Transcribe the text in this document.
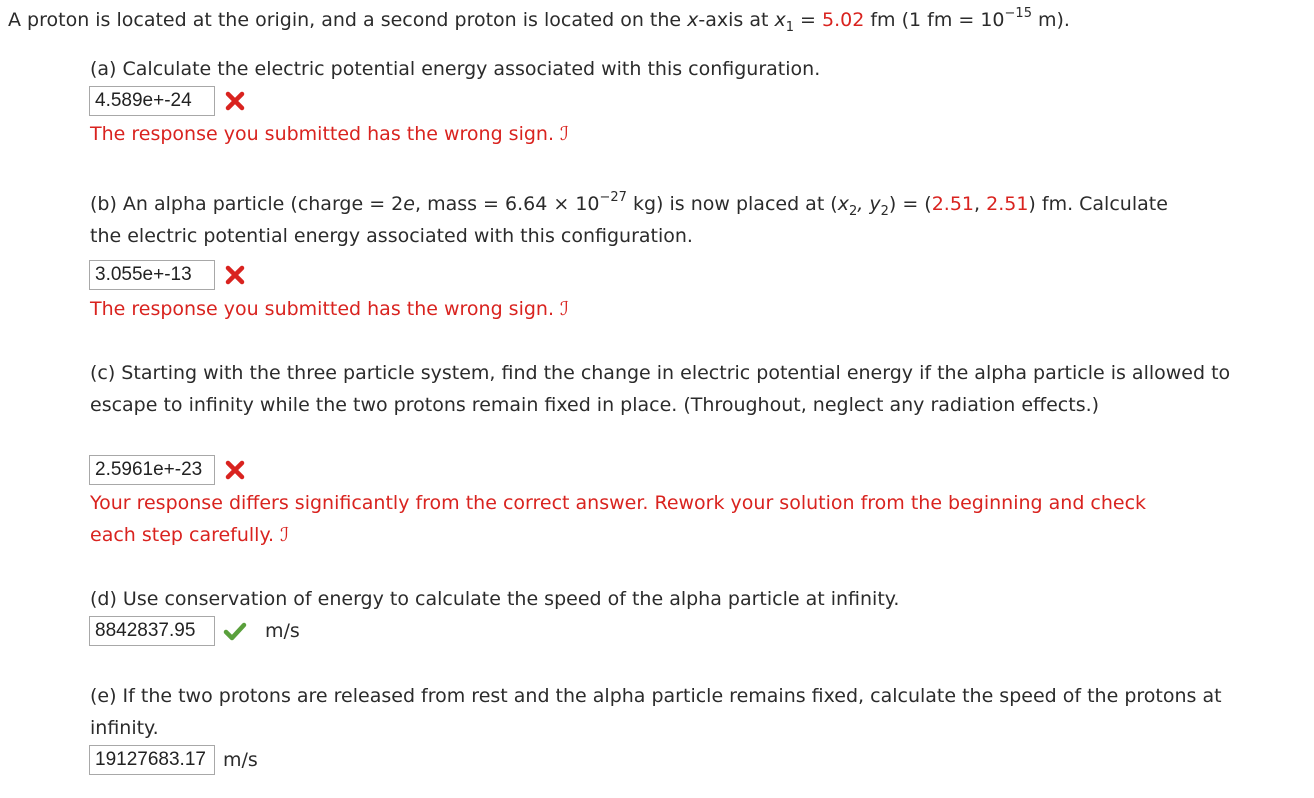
A proton is located at the origin, and a second proton is located on the x-axis at $x_1 = 5.02$ fm (1 fm = $10^{-15}$ m).
(a) Calculate the electric potential energy associated with this configuration.
4.589e+-24
The response you submitted has the wrong sign. ℐ
(b) An alpha particle (charge = 2e, mass = $6.64 \times 10^{-27}$ kg) is now placed at ($x_2$, $y_2) = (2.51$, 2.51) fm. Calculate
the electric potential energy associated with this configuration.
3.055e+-13
The response you submitted has the wrong sign. ℐ
(c) Starting with the three particle system, find the change in electric potential energy if the alpha particle is allowed to escape to infinity while the two protons remain fixed in place. (Throughout, neglect any radiation effects.)
2.5961e+-23
Your response differs significantly from the correct answer. Rework your solution from the beginning and check
each step carefully. ℐ
(d) Use conservation of energy to calculate the speed of the alpha particle at infinity.
8842837.95	m/s
(e) If the two protons are released from rest and the alpha particle remains fixed, calculate the speed of the protons at infinity.
19127683.17 m/s
